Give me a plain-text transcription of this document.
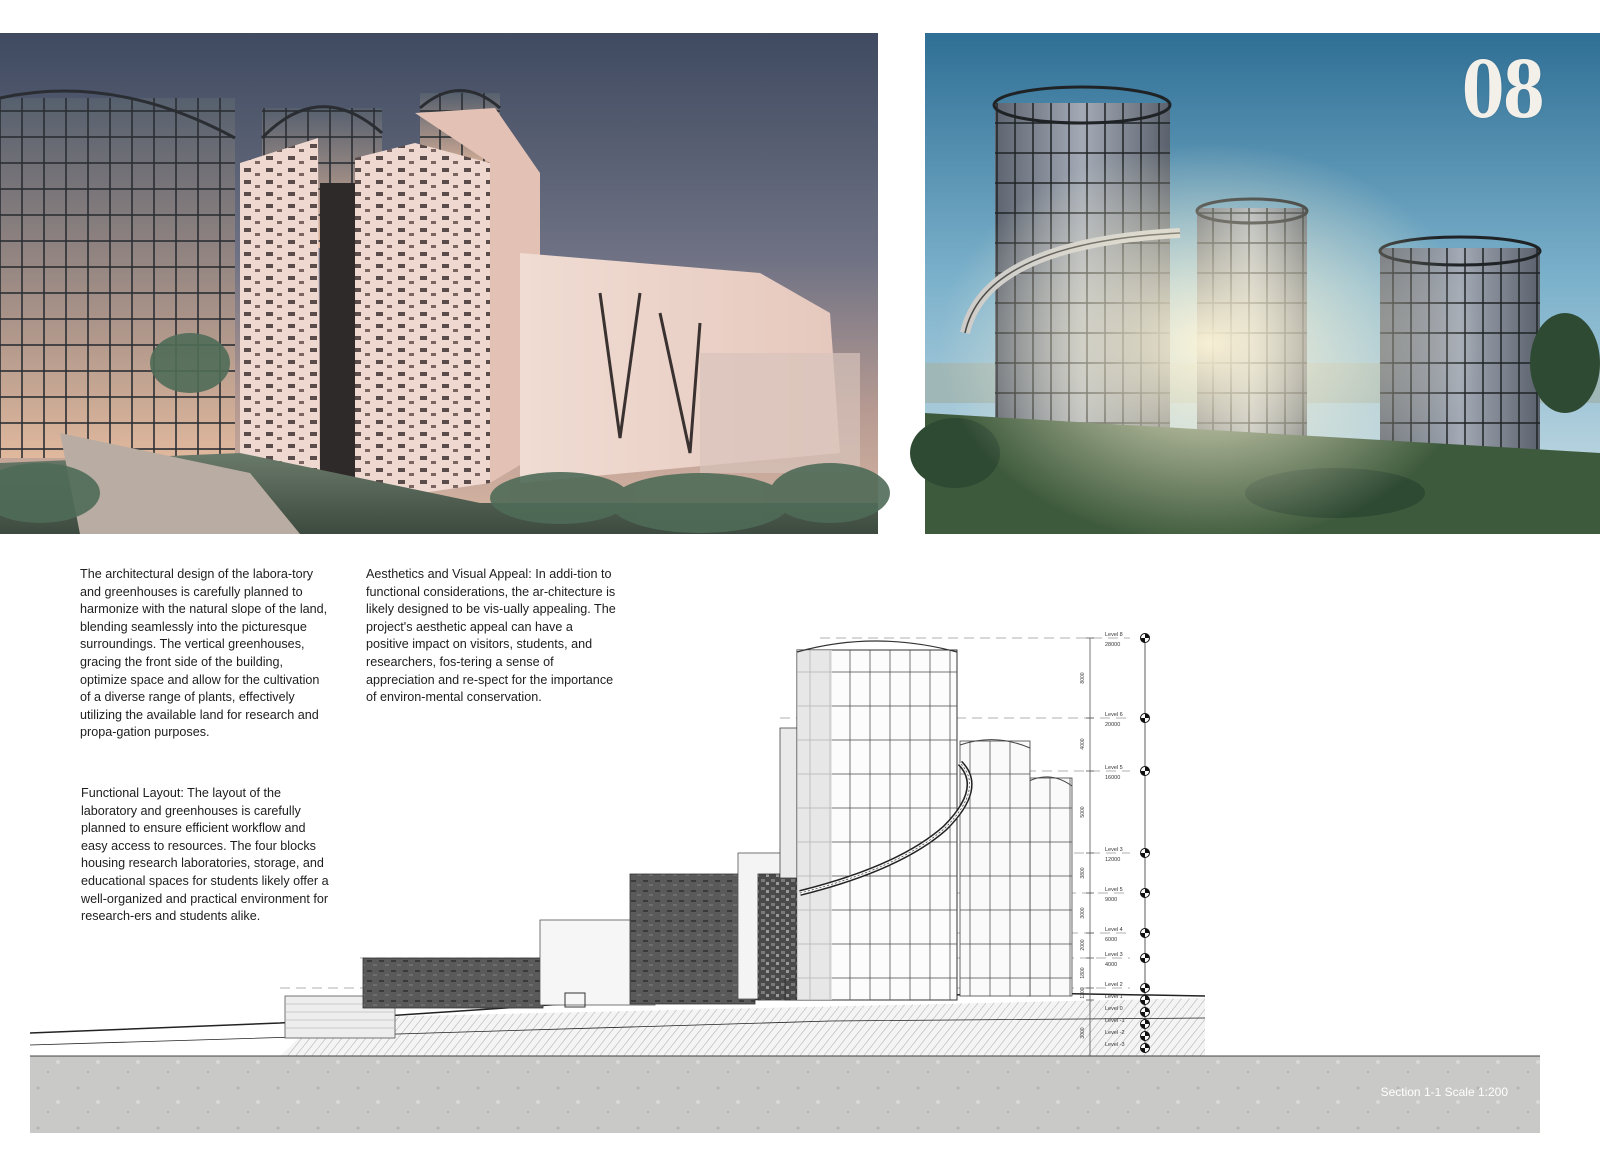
08

The architectural design of the labora-tory and greenhouses is carefully planned to harmonize with the natural slope of the land, blending seamlessly into the picturesque surroundings. The vertical greenhouses, gracing the front side of the building, optimize space and allow for the cultivation of a diverse range of plants, effectively utilizing the available land for research and propa-gation purposes.

Functional Layout: The layout of the laboratory and greenhouses is carefully planned to ensure efficient workflow and easy access to resources. The four blocks housing research laboratories, storage, and educational spaces for students likely offer a well-organized and practical environment for research-ers and students alike.

Aesthetics and Visual Appeal: In addi-tion to functional considerations, the ar-chitecture is likely designed to be vis-ually appealing. The project's aesthetic appeal can have a positive impact on visitors, students, and researchers, fos-tering a sense of appreciation and re-spect for the importance of environ-mental conservation.

8000
4000
5000
3800
3000
2000
1800
1200
3000
Level 8
28000
Level 6
20000
Level 5
16000
Level 3
12000
Level 5
9000
Level 4
6000
Level 3
4000
Level 2
Level 1
Level 0
Level -1
Level -2
Level -3
Section 1-1 Scale 1:200
